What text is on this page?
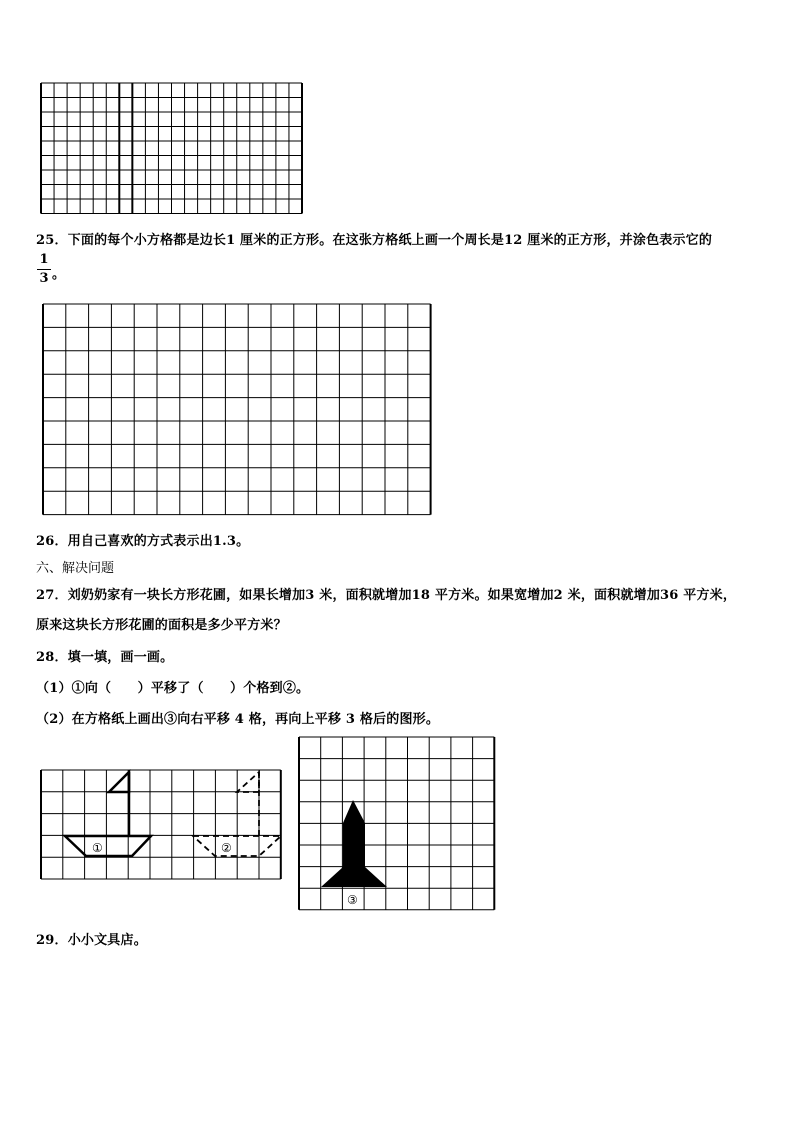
25．下面的每个小方格都是边长1 厘米的正方形。在这张方格纸上画一个周长是12 厘米的正方形，并涂色表示它的
1
3 。
26．用自己喜欢的方式表示出1.3。
六、解决问题
27．刘奶奶家有一块长方形花圃，如果长增加3 米，面积就增加18 平方米。如果宽增加2 米，面积就增加36 平方米，
原来这块长方形花圃的面积是多少平方米？
28．填一填，画一画。
（1）①向（　　）平移了（　　）个格到②。
（2）在方格纸上画出③向右平移 4 格，再向上平移 3 格后的图形。
①	②
③
29．小小文具店。
